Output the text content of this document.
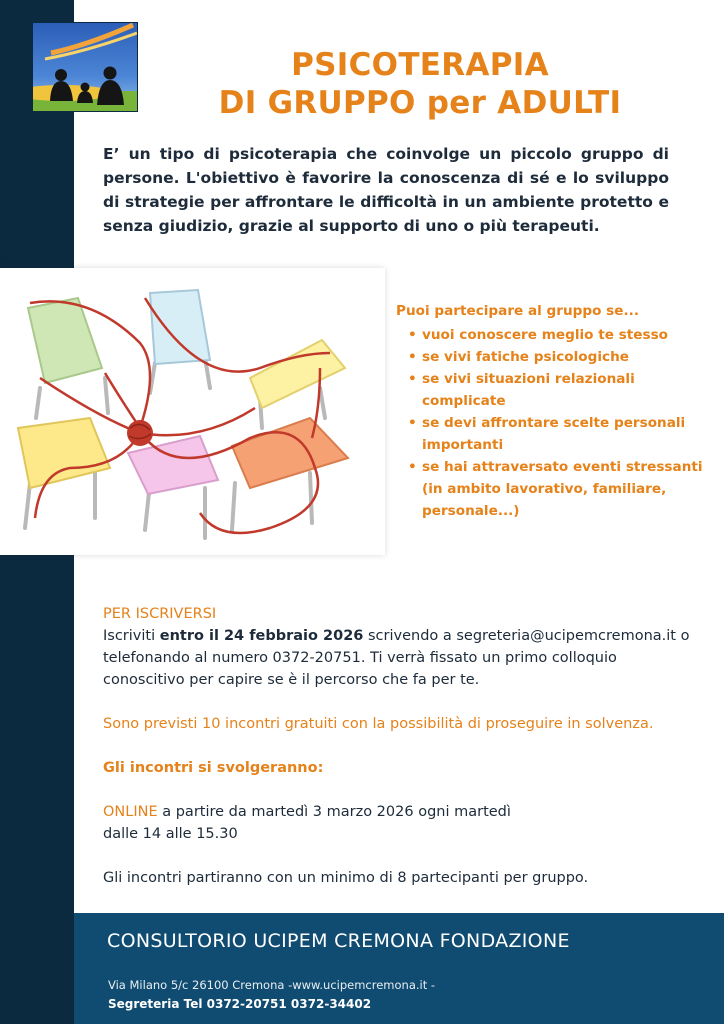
PSICOTERAPIA
DI GRUPPO per ADULTI
E’ un tipo di psicoterapia che coinvolge un piccolo gruppo di persone. L'obiettivo è favorire la conoscenza di sé e lo sviluppo di strategie per affrontare le difficoltà in un ambiente protetto e senza giudizio, grazie al supporto di uno o più terapeuti.
Puoi partecipare al gruppo se...
• vuoi conoscere meglio te stesso
• se vivi fatiche psicologiche
• se vivi situazioni relazionali complicate
• se devi affrontare scelte personali importanti
• se hai attraversato eventi stressanti (in ambito lavorativo, familiare, personale...)
PER ISCRIVERSI
Iscriviti entro il 24 febbraio 2026 scrivendo a segreteria@ucipemcremona.it o telefonando al numero 0372-20751. Ti verrà fissato un primo colloquio conoscitivo per capire se è il percorso che fa per te.
Sono previsti 10 incontri gratuiti con la possibilità di proseguire in solvenza.
Gli incontri si svolgeranno:
ONLINE a partire da martedì 3 marzo 2026 ogni martedì
dalle 14 alle 15.30
Gli incontri partiranno con un minimo di 8 partecipanti per gruppo.
CONSULTORIO UCIPEM CREMONA FONDAZIONE
Via Milano 5/c 26100 Cremona -www.ucipemcremona.it -
Segreteria Tel 0372-20751 0372-34402
...
